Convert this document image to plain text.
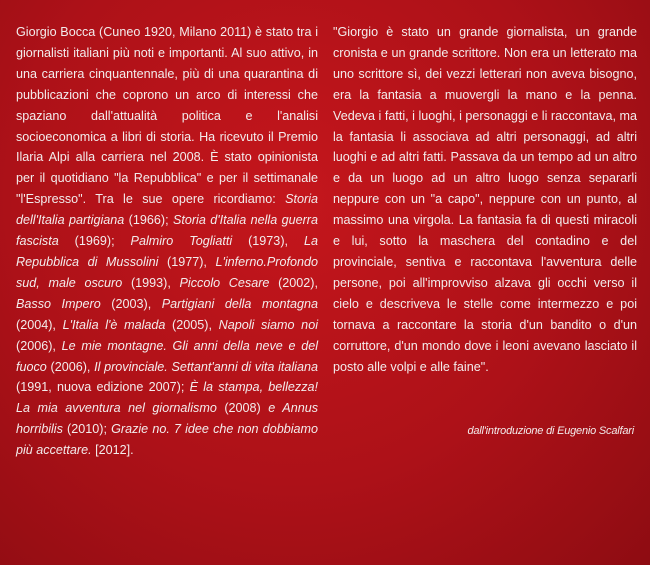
Giorgio Bocca (Cuneo 1920, Milano 2011) è stato tra i giornalisti italiani più noti e importanti. Al suo attivo, in una carriera cinquantennale, più di una quarantina di pubblicazioni che coprono un arco di interessi che spaziano dall'attualità politica e l'analisi socioeconomica a libri di storia. Ha ricevuto il Premio Ilaria Alpi alla carriera nel 2008. È stato opinionista per il quotidiano "la Repubblica" e per il settimanale "l'Espresso". Tra le sue opere ricordiamo: Storia dell'Italia partigiana (1966); Storia d'Italia nella guerra fascista (1969); Palmiro Togliatti (1973), La Repubblica di Mussolini (1977), L'inferno.Profondo sud, male oscuro (1993), Piccolo Cesare (2002), Basso Impero (2003), Partigiani della montagna (2004), L'Italia l'è malada (2005), Napoli siamo noi (2006), Le mie montagne. Gli anni della neve e del fuoco (2006), Il provinciale. Settant'anni di vita italiana (1991, nuova edizione 2007); È la stampa, bellezza! La mia avventura nel giornalismo (2008) e Annus horribilis (2010); Grazie no. 7 idee che non dobbiamo più accettare. [2012].

"Giorgio è stato un grande giornalista, un grande cronista e un grande scrittore. Non era un letterato ma uno scrittore sì, dei vezzi letterari non aveva bisogno, era la fantasia a muovergli la mano e la penna. Vedeva i fatti, i luoghi, i personaggi e li raccontava, ma la fantasia li associava ad altri personaggi, ad altri luoghi e ad altri fatti. Passava da un tempo ad un altro e da un luogo ad un altro luogo senza separarli neppure con un "a capo", neppure con un punto, al massimo una virgola. La fantasia fa di questi miracoli e lui, sotto la maschera del contadino e del provinciale, sentiva e raccontava l'avventura delle persone, poi all'improvviso alzava gli occhi verso il cielo e descriveva le stelle come intermezzo e poi tornava a raccontare la storia d'un bandito o d'un corruttore, d'un mondo dove i leoni avevano lasciato il posto alle volpi e alle faine".

dall'introduzione di Eugenio Scalfari
